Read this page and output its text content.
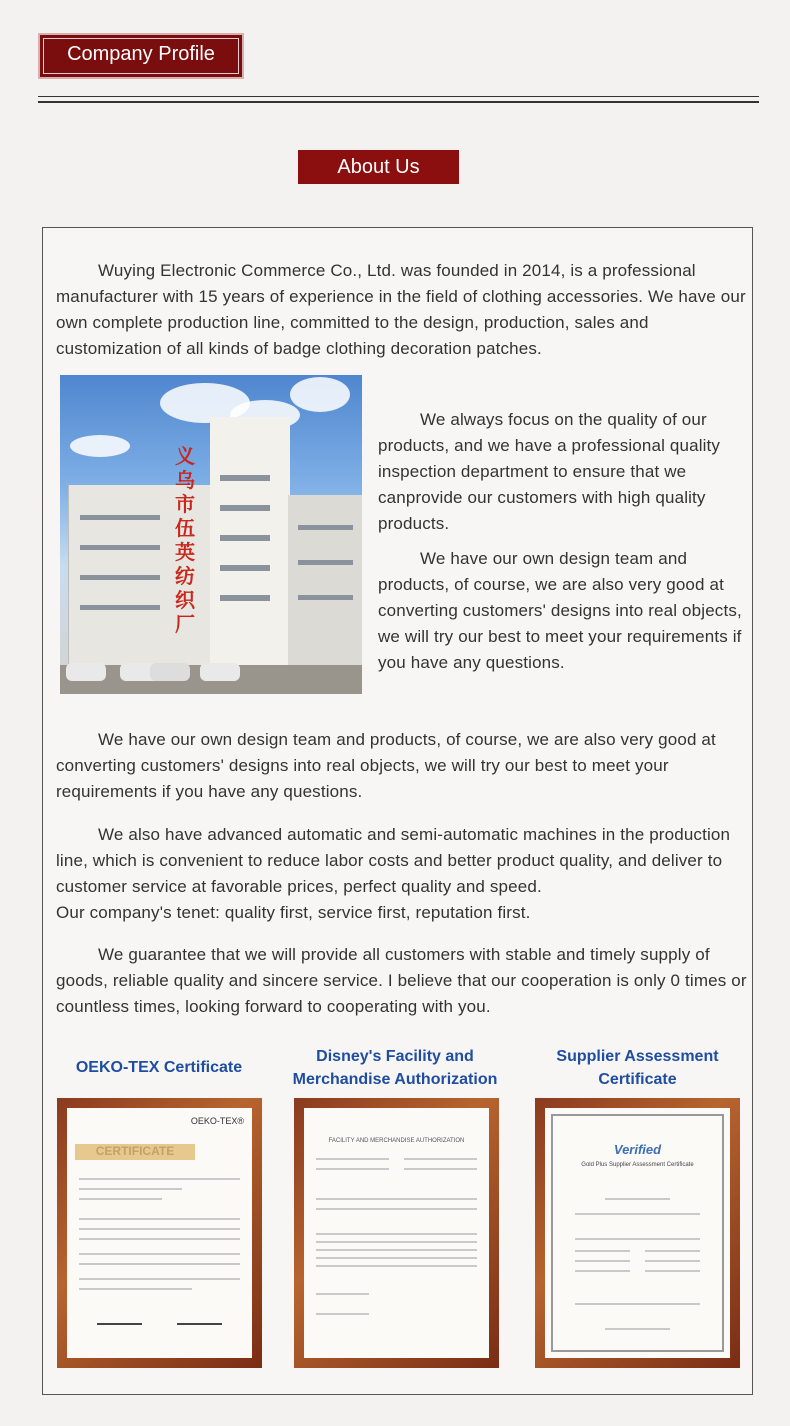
Company Profile
About Us

Wuying Electronic Commerce Co., Ltd. was founded in 2014, is a professional manufacturer with 15 years of experience in the field of clothing accessories. We have our own complete production line, committed to the design, production, sales and customization of all kinds of badge clothing decoration patches.

义乌市伍英纺织厂

We always focus on the quality of our products, and we have a professional quality inspection department to ensure that we canprovide our customers with high quality products.

We have our own design team and products, of course, we are also very good at converting customers' designs into real objects, we will try our best to meet your requirements if you have any questions.

We have our own design team and products, of course, we are also very good at converting customers' designs into real objects, we will try our best to meet your requirements if you have any questions.

We also have advanced automatic and semi-automatic machines in the production line, which is convenient to reduce labor costs and better product quality, and deliver to customer service at favorable prices, perfect quality and speed.

Our company's tenet: quality first, service first, reputation first.

We guarantee that we will provide all customers with stable and timely supply of goods, reliable quality and sincere service. I believe that our cooperation is only 0 times or countless times, looking forward to cooperating with you.

OEKO-TEX Certificate
Disney's Facility and
Merchandise Authorization
Supplier Assessment
Certificate
OEKO-TEX®
CERTIFICATE
FACILITY AND MERCHANDISE AUTHORIZATION
Verified
Gold Plus Supplier Assessment Certificate
